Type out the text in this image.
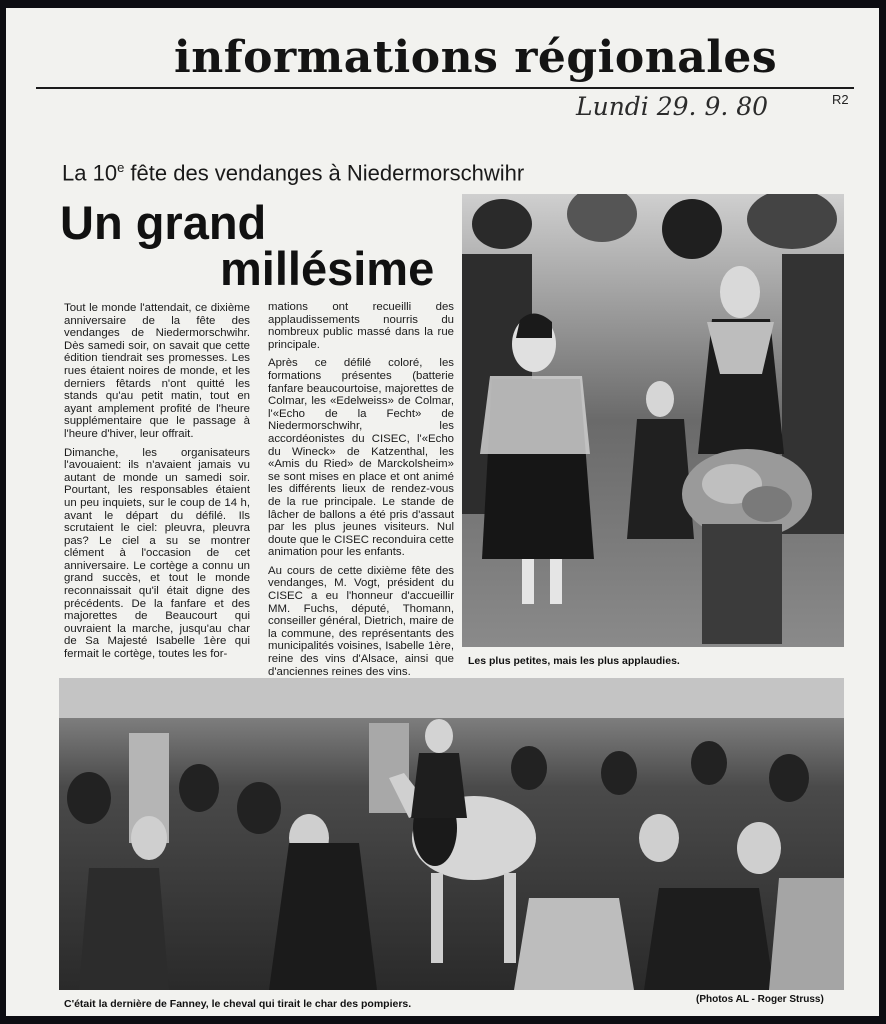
informations régionales
Lundi 29. 9. 80	R2
La 10e fête des vendanges à Niedermorschwihr
Un grand
millésime

Tout le monde l'attendait, ce dixième anniversaire de la fête des vendanges de Niedermorschwihr. Dès samedi soir, on savait que cette édition tiendrait ses promesses. Les rues étaient noires de monde, et les derniers fêtards n'ont quitté les stands qu'au petit matin, tout en ayant amplement profité de l'heure supplémentaire que le passage à l'heure d'hiver, leur offrait.

Dimanche, les organisateurs l'avouaient: ils n'avaient jamais vu autant de monde un samedi soir. Pourtant, les responsables étaient un peu inquiets, sur le coup de 14 h, avant le départ du défilé. Ils scrutaient le ciel: pleuvra, pleuvra pas? Le ciel a su se montrer clément à l'occasion de cet anniversaire. Le cortège a connu un grand succès, et tout le monde reconnaissait qu'il était digne des précédents. De la fanfare et des majorettes de Beaucourt qui ouvraient la marche, jusqu'au char de Sa Majesté Isabelle 1ère qui fermait le cortège, toutes les for-

mations ont recueilli des applaudissements nourris du nombreux public massé dans la rue principale.

Après ce défilé coloré, les formations présentes (batterie fanfare beaucourtoise, majorettes de Colmar, les «Edelweiss» de Colmar, l'«Echo de la Fecht» de Niedermorschwihr, les accordéonistes du CISEC, l'«Echo du Wineck» de Katzenthal, les «Amis du Ried» de Marckolsheim» se sont mises en place et ont animé les différents lieux de rendez-vous de la rue principale. Le stande de lâcher de ballons a été pris d'assaut par les plus jeunes visiteurs. Nul doute que le CISEC reconduira cette animation pour les enfants.

Au cours de cette dixième fête des vendanges, M. Vogt, président du CISEC a eu l'honneur d'accueillir MM. Fuchs, député, Thomann, conseiller général, Dietrich, maire de la commune, des représentants des municipalités voisines, Isabelle 1ère, reine des vins d'Alsace, ainsi que d'anciennes reines des vins.

Les plus petites, mais les plus applaudies.
C'était la dernière de Fanney, le cheval qui tirait le char des pompiers.	(Photos AL - Roger Struss)
